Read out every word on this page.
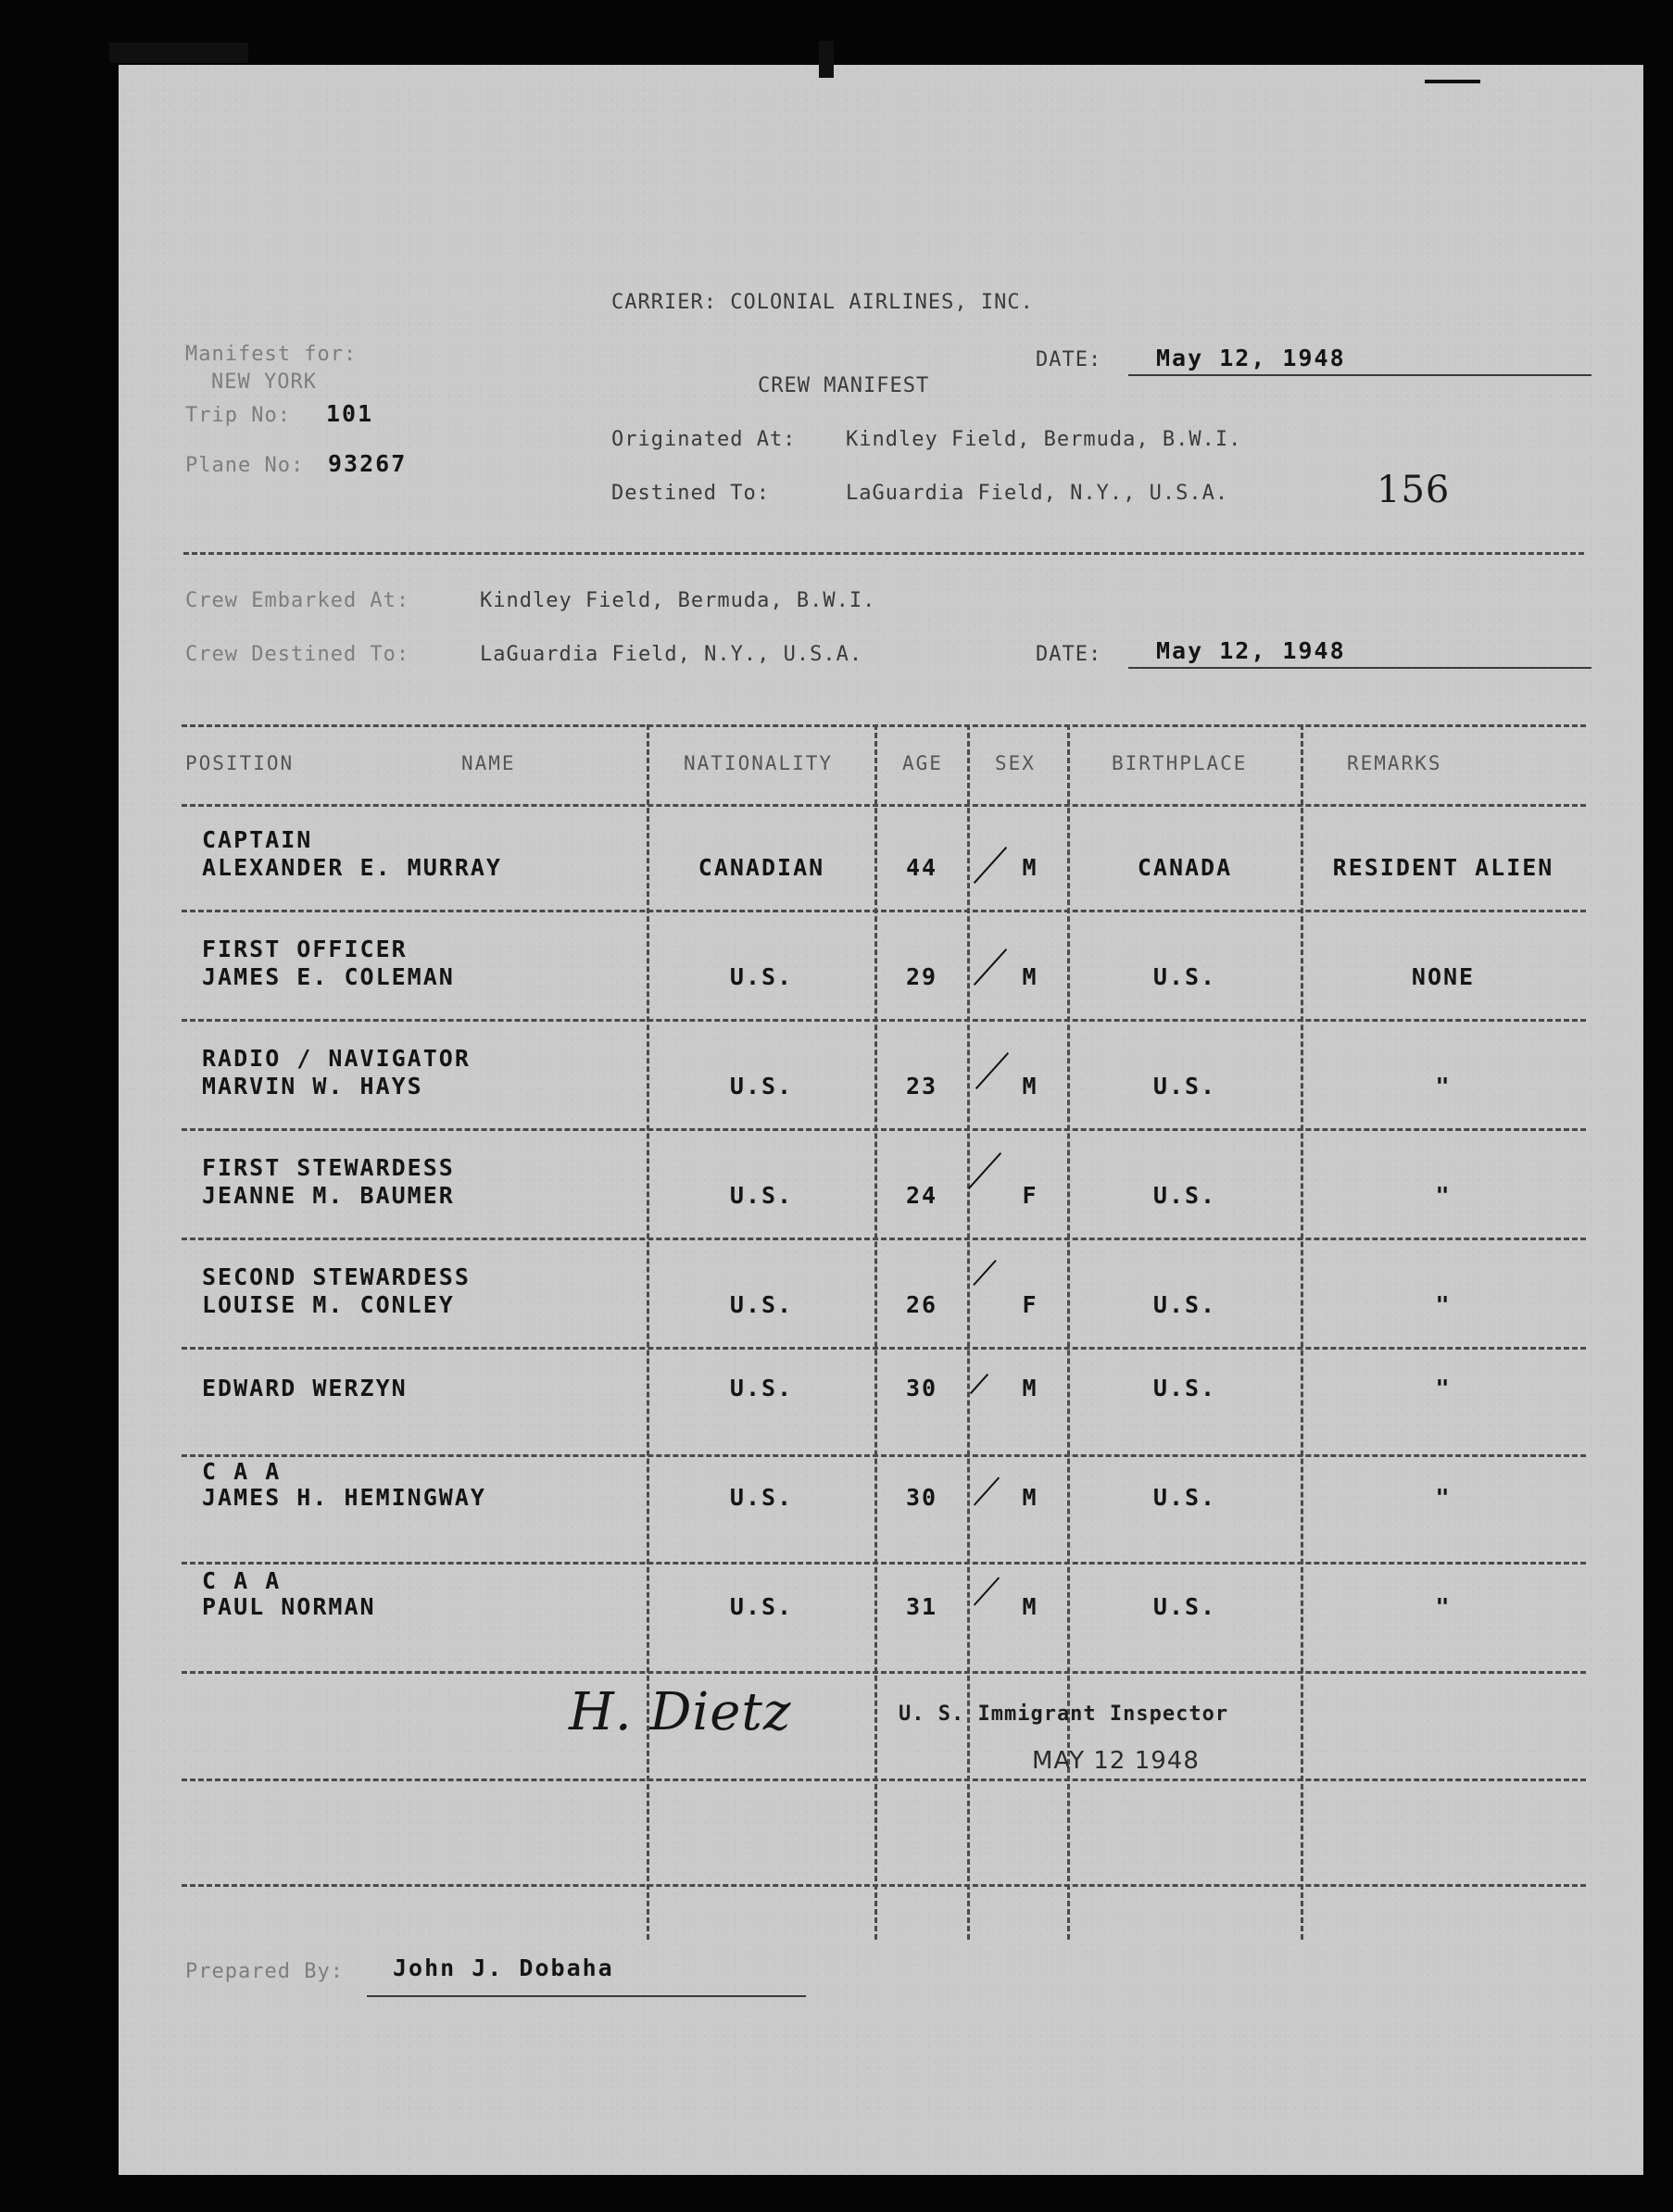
CARRIER: COLONIAL AIRLINES, INC.
Manifest for:
NEW YORK
Trip No: 101
Plane No: 93267
CREW MANIFEST
DATE: May 12, 1948
Originated At: Kindley Field, Bermuda, B.W.I.
Destined To:	LaGuardia Field, N.Y., U.S.A.	156
Crew Embarked At:	Kindley Field, Bermuda, B.W.I.
Crew Destined To:	LaGuardia Field, N.Y., U.S.A.	DATE: May 12, 1948
POSITION	NAME	NATIONALITY	AGE	SEX	BIRTHPLACE	REMARKS
CAPTAIN
ALEXANDER E. MURRAY	CANADIAN	44	M	CANADA	RESIDENT ALIEN
FIRST OFFICER
JAMES E. COLEMAN	U.S.	29	M	U.S.	NONE
RADIO / NAVIGATOR
MARVIN W. HAYS	U.S.	23	M	U.S.	"
FIRST STEWARDESS
JEANNE M. BAUMER	U.S.	24	F	U.S.	"
SECOND STEWARDESS
LOUISE M. CONLEY	U.S.	26	F	U.S.	"
EDWARD WERZYN	U.S.	30	M	U.S.	"
C A A
JAMES H. HEMINGWAY	U.S.	30	M	U.S.	"
C A A
PAUL NORMAN	U.S.	31	M	U.S.	"
H. Dietz	U. S. Immigrant Inspector
MAY 12 1948
Prepared By: John J. Dobaha
